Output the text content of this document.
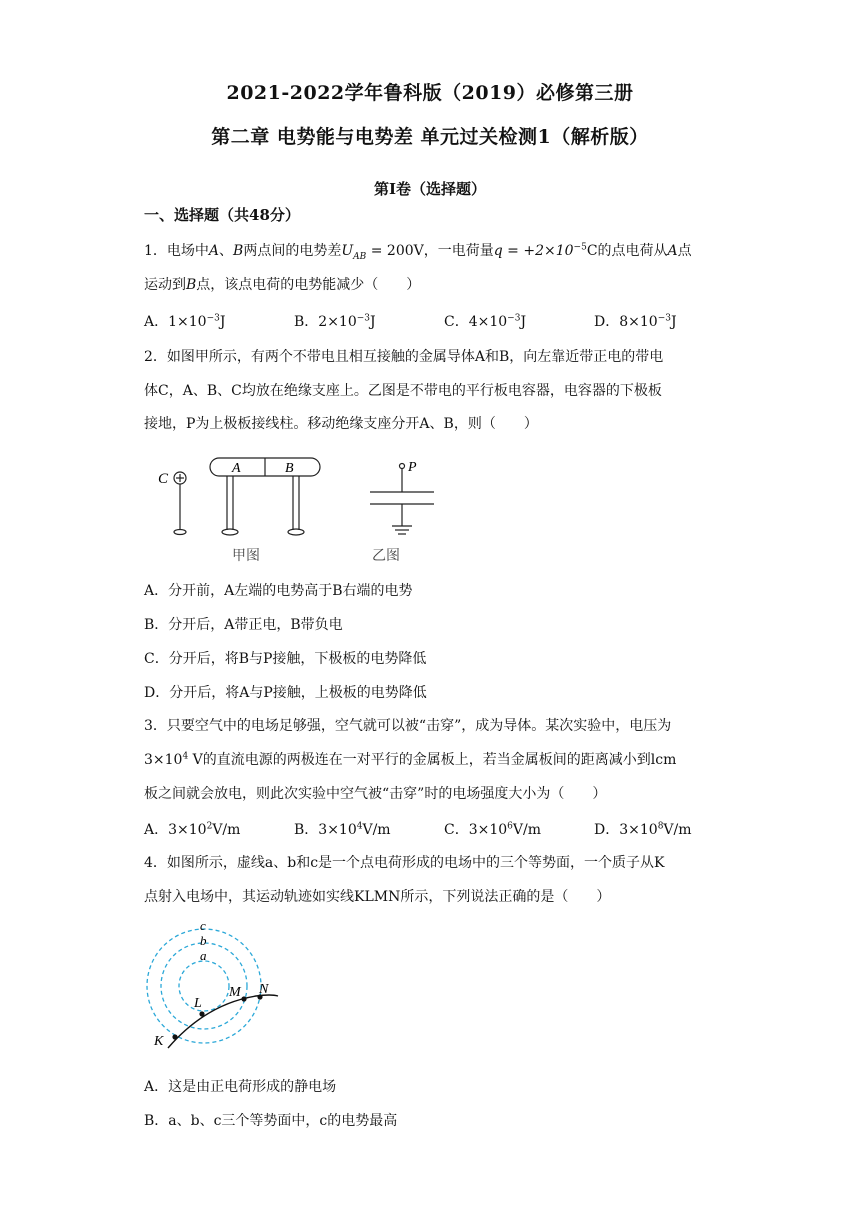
2021-2022学年鲁科版（2019）必修第三册
第二章 电势能与电势差 单元过关检测1（解析版）
第Ⅰ卷（选择题）
一、选择题（共48分）
1．电场中A、B两点间的电势差$U_{AB} = 200V$，一电荷量$q = +2\times 10^{-5}C$的点电荷从A点
运动到B点，该点电荷的电势能减少（　　）
A．$1\times 10^{-3}J$	B．$2\times 10^{-3}J$	C．$4\times 10^{-3}J$	D．$8\times 10^{-3}J$
2．如图甲所示，有两个不带电且相互接触的金属导体A和B，向左靠近带正电的带电
体C，A、B、C均放在绝缘支座上。乙图是不带电的平行板电容器，电容器的下极板
接地，P为上极板接线柱。移动绝缘支座分开A、B，则（　　）
C
A	B	P
甲图	乙图
A．分开前，A左端的电势高于B右端的电势
B．分开后，A带正电，B带负电
C．分开后，将B与P接触，下极板的电势降低
D．分开后，将A与P接触，上极板的电势降低
3．只要空气中的电场足够强，空气就可以被“击穿”，成为导体。某次实验中，电压为
$3\times 10^4$ V的直流电源的两极连在一对平行的金属板上，若当金属板间的距离减小到lcm
板之间就会放电，则此次实验中空气被“击穿”时的电场强度大小为（　　）
A．$3\times 10^2V/m$	B．$3\times 10^4V/m$	C．$3\times 10^6V/m$	D．$3\times 10^8V/m$
4．如图所示，虚线a、b和c是一个点电荷形成的电场中的三个等势面，一个质子从K
点射入电场中，其运动轨迹如实线KLMN所示，下列说法正确的是（　　）
c
b
a
K
L
M N
A．这是由正电荷形成的静电场
B．a、b、c三个等势面中，c的电势最高
